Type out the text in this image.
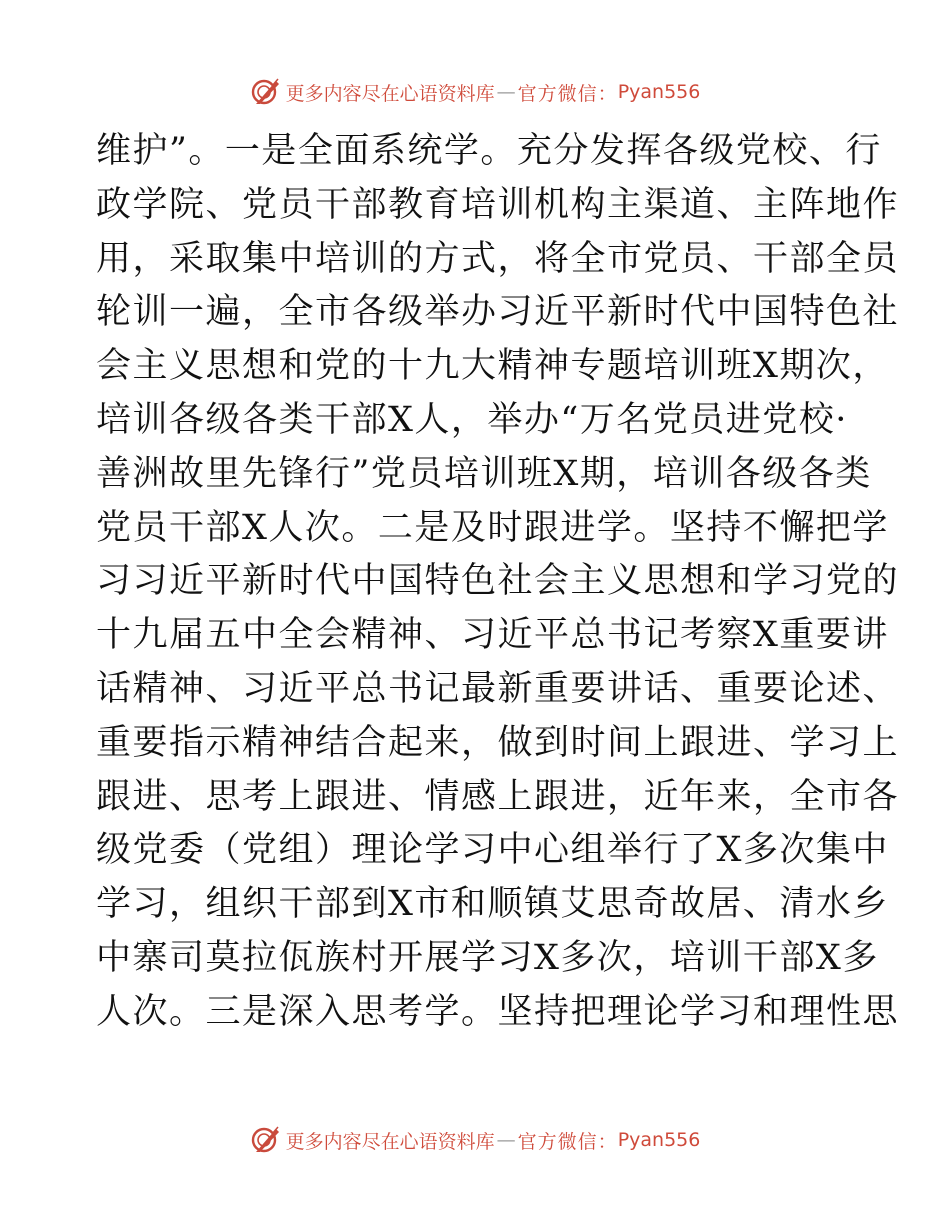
更多内容尽在心语资料库 — 官方微信： Pyan556
维护”。一是全面系统学。充分发挥各级党校、行
政学院、党员干部教育培训机构主渠道、主阵地作
用，采取集中培训的方式，将全市党员、干部全员
轮训一遍，全市各级举办习近平新时代中国特色社
会主义思想和党的十九大精神专题培训班X期次，
培训各级各类干部X人，举办“万名党员进党校·
善洲故里先锋行”党员培训班X期，培训各级各类
党员干部X人次。二是及时跟进学。坚持不懈把学
习习近平新时代中国特色社会主义思想和学习党的
十九届五中全会精神、习近平总书记考察X重要讲
话精神、习近平总书记最新重要讲话、重要论述、
重要指示精神结合起来，做到时间上跟进、学习上
跟进、思考上跟进、情感上跟进，近年来，全市各
级党委（党组）理论学习中心组举行了X多次集中
学习，组织干部到X市和顺镇艾思奇故居、清水乡
中寨司莫拉佤族村开展学习X多次，培训干部X多
人次。三是深入思考学。坚持把理论学习和理性思
更多内容尽在心语资料库 — 官方微信： Pyan556
